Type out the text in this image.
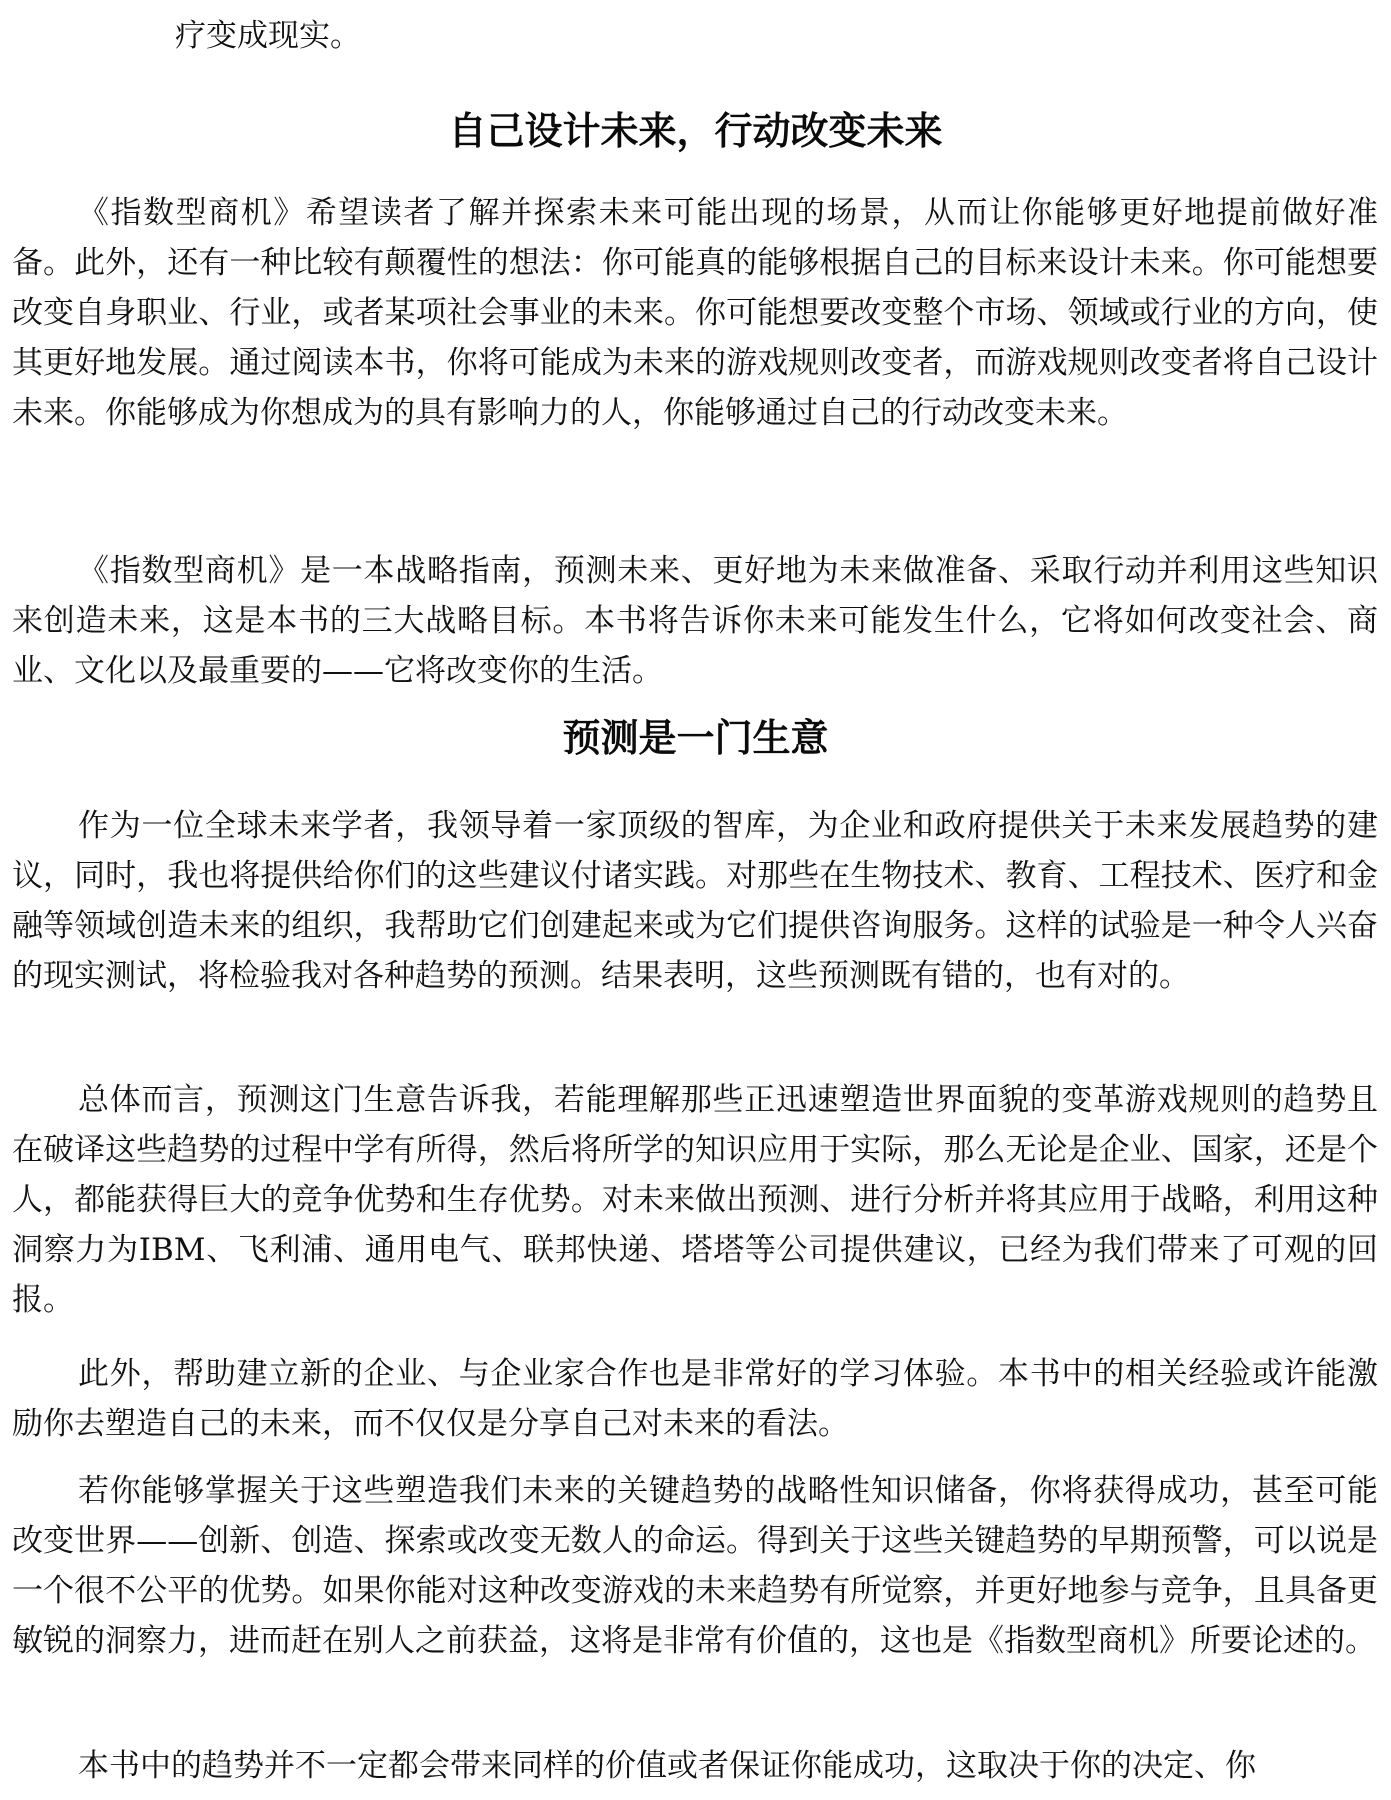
疗变成现实。
自己设计未来，行动改变未来

《指数型商机》希望读者了解并探索未来可能出现的场景，从而让你能够更好地提前做好准备。此外，还有一种比较有颠覆性的想法：你可能真的能够根据自己的目标来设计未来。你可能想要改变自身职业、行业，或者某项社会事业的未来。你可能想要改变整个市场、领域或行业的方向，使其更好地发展。通过阅读本书，你将可能成为未来的游戏规则改变者，而游戏规则改变者将自己设计未来。你能够成为你想成为的具有影响力的人，你能够通过自己的行动改变未来。

《指数型商机》是一本战略指南，预测未来、更好地为未来做准备、采取行动并利用这些知识来创造未来，这是本书的三大战略目标。本书将告诉你未来可能发生什么，它将如何改变社会、商业、文化以及最重要的——它将改变你的生活。

预测是一门生意

作为一位全球未来学者，我领导着一家顶级的智库，为企业和政府提供关于未来发展趋势的建议，同时，我也将提供给你们的这些建议付诸实践。对那些在生物技术、教育、工程技术、医疗和金融等领域创造未来的组织，我帮助它们创建起来或为它们提供咨询服务。这样的试验是一种令人兴奋的现实测试，将检验我对各种趋势的预测。结果表明，这些预测既有错的，也有对的。

总体而言，预测这门生意告诉我，若能理解那些正迅速塑造世界面貌的变革游戏规则的趋势且在破译这些趋势的过程中学有所得，然后将所学的知识应用于实际，那么无论是企业、国家，还是个人，都能获得巨大的竞争优势和生存优势。对未来做出预测、进行分析并将其应用于战略，利用这种洞察力为IBM、飞利浦、通用电气、联邦快递、塔塔等公司提供建议，已经为我们带来了可观的回报。

此外，帮助建立新的企业、与企业家合作也是非常好的学习体验。本书中的相关经验或许能激励你去塑造自己的未来，而不仅仅是分享自己对未来的看法。

若你能够掌握关于这些塑造我们未来的关键趋势的战略性知识储备，你将获得成功，甚至可能改变世界——创新、创造、探索或改变无数人的命运。得到关于这些关键趋势的早期预警，可以说是一个很不公平的优势。如果你能对这种改变游戏的未来趋势有所觉察，并更好地参与竞争，且具备更敏锐的洞察力，进而赶在别人之前获益，这将是非常有价值的，这也是《指数型商机》所要论述的。

本书中的趋势并不一定都会带来同样的价值或者保证你能成功，这取决于你的决定、你
